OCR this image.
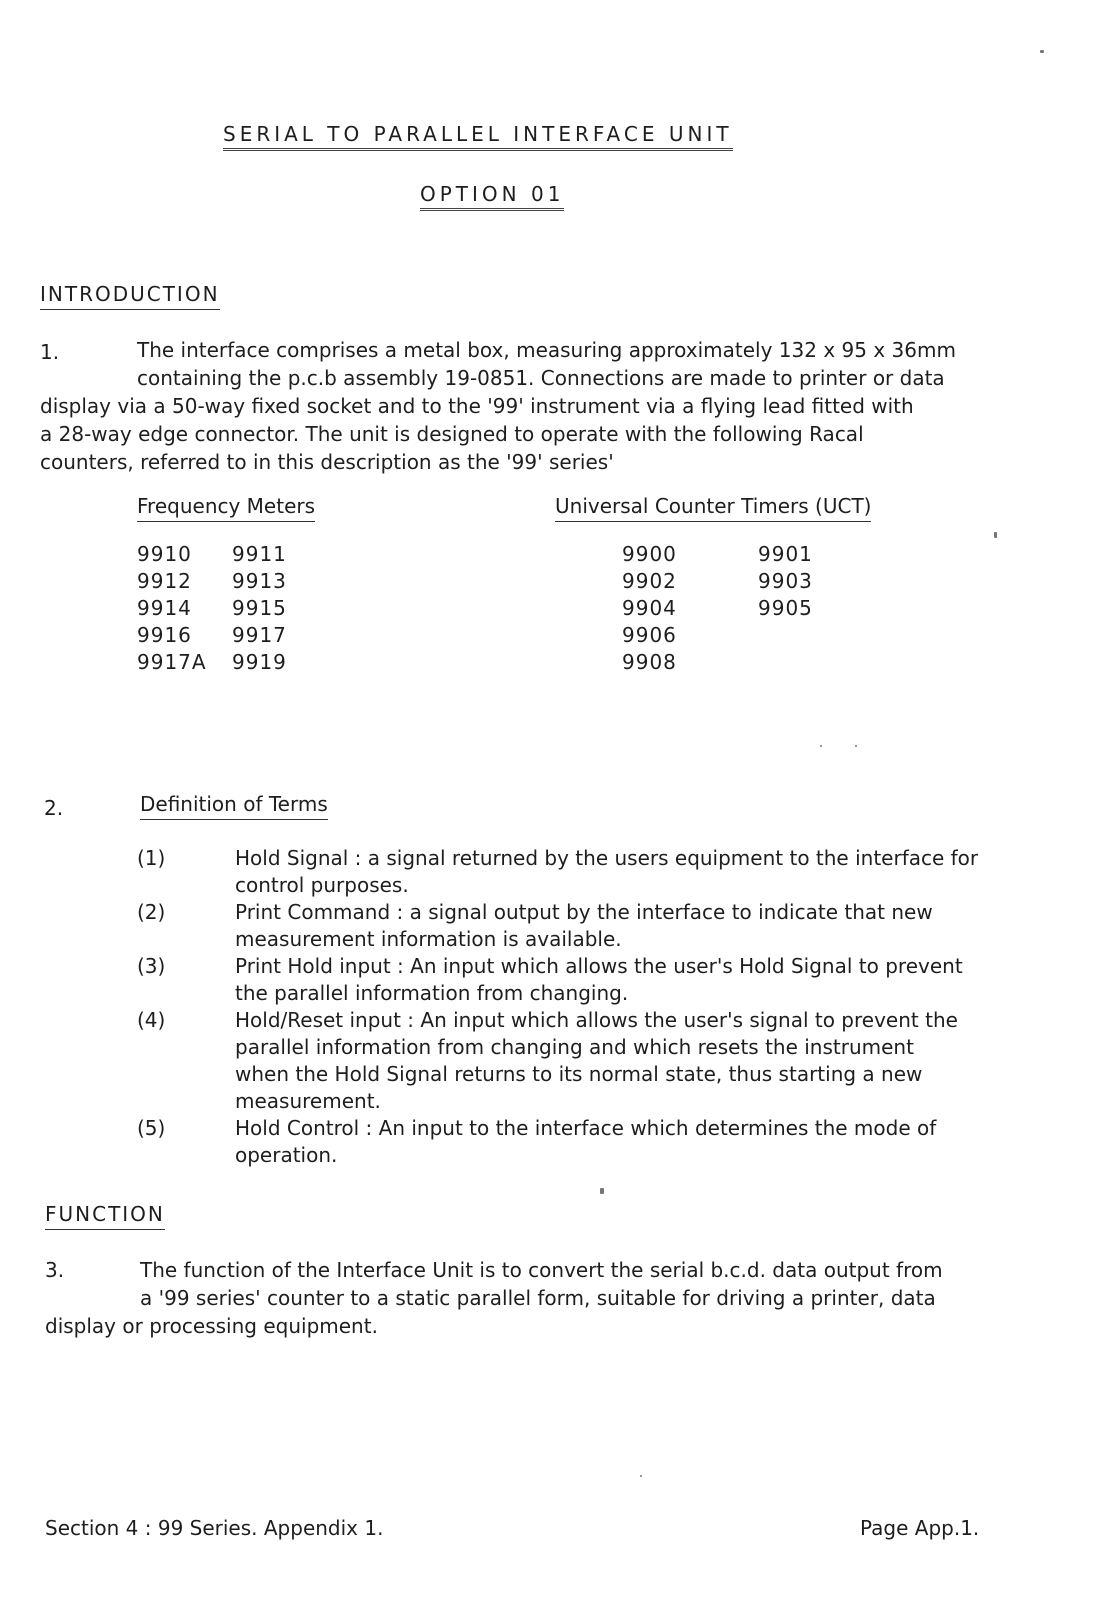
SERIAL TO PARALLEL INTERFACE UNIT
OPTION 01
INTRODUCTION
1.	The interface comprises a metal box, measuring approximately 132 x 95 x 36mm
containing the p.c.b assembly 19-0851. Connections are made to printer or data
display via a 50-way fixed socket and to the '99' instrument via a flying lead fitted with
a 28-way edge connector. The unit is designed to operate with the following Racal
counters, referred to in this description as the '99' series'
Frequency Meters
9910 9911
9912 9913
9914 9915
9916 9917
9917A 9919
Universal Counter Timers (UCT)
9900	9901
9902	9903
9904	9905
9906
9908
2.	Definition of Terms
(1)	Hold Signal : a signal returned by the users equipment to the interface for
control purposes.
(2)	Print Command : a signal output by the interface to indicate that new
measurement information is available.
(3)	Print Hold input : An input which allows the user's Hold Signal to prevent
the parallel information from changing.
(4)	Hold/Reset input : An input which allows the user's signal to prevent the
parallel information from changing and which resets the instrument
when the Hold Signal returns to its normal state, thus starting a new
measurement.
(5)	Hold Control : An input to the interface which determines the mode of
operation.
FUNCTION
3.	The function of the Interface Unit is to convert the serial b.c.d. data output from
a '99 series' counter to a static parallel form, suitable for driving a printer, data
display or processing equipment.
Section 4 : 99 Series. Appendix 1.	Page App.1.
